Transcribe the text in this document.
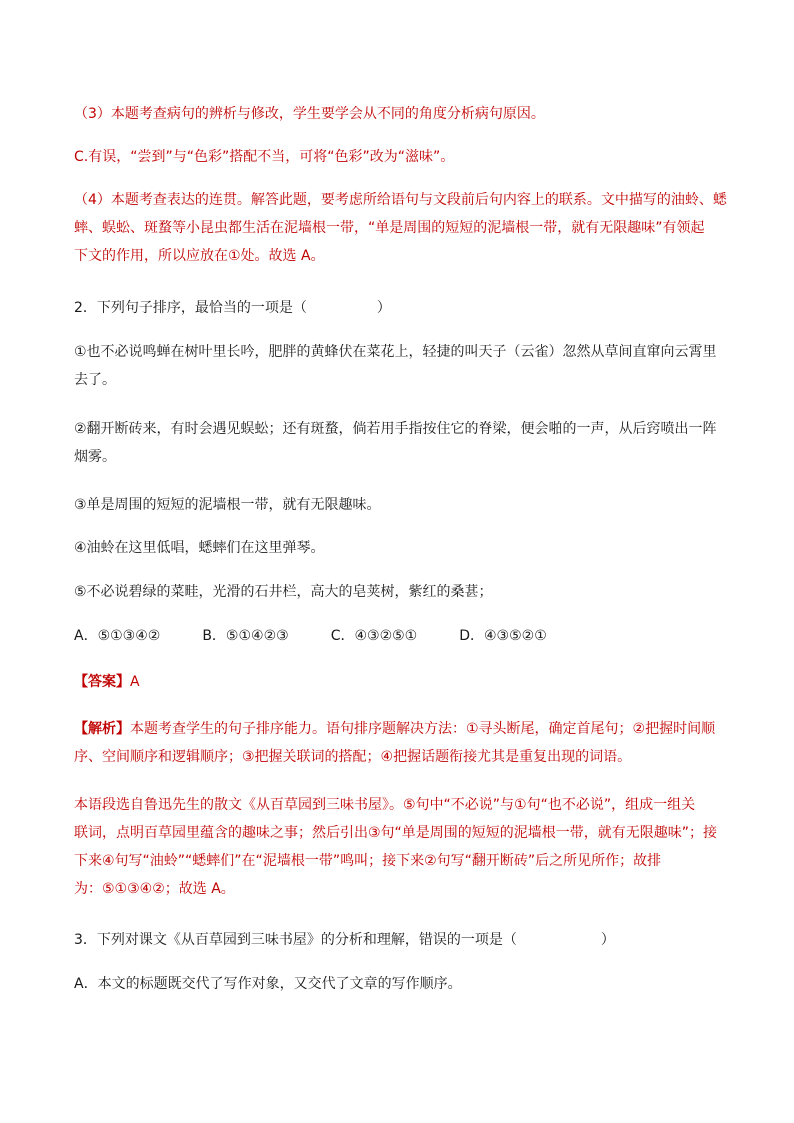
（3）本题考查病句的辨析与修改，学生要学会从不同的角度分析病句原因。
C.有误，“尝到”与“色彩”搭配不当，可将“色彩”改为“滋味”。
（4）本题考查表达的连贯。解答此题，要考虑所给语句与文段前后句内容上的联系。文中描写的油蛉、蟋
蟀、蜈蚣、斑蝥等小昆虫都生活在泥墙根一带，“单是周围的短短的泥墙根一带，就有无限趣味”有领起
下文的作用，所以应放在①处。故选 A。
2．下列句子排序，最恰当的一项是（　　　　　）
①也不必说鸣蝉在树叶里长吟，肥胖的黄蜂伏在菜花上，轻捷的叫天子（云雀）忽然从草间直窜向云霄里
去了。
②翻开断砖来，有时会遇见蜈蚣；还有斑蝥，倘若用手指按住它的脊梁，便会啪的一声，从后窍喷出一阵
烟雾。
③单是周围的短短的泥墙根一带，就有无限趣味。
④油蛉在这里低唱，蟋蟀们在这里弹琴。
⑤不必说碧绿的菜畦，光滑的石井栏，高大的皂荚树，紫红的桑葚；
A．⑤①③④②　　　B．⑤①④②③　　　C．④③②⑤①　　　D．④③⑤②①
【答案】A
【解析】本题考查学生的句子排序能力。语句排序题解决方法：①寻头断尾，确定首尾句；②把握时间顺
序、空间顺序和逻辑顺序；③把握关联词的搭配；④把握话题衔接尤其是重复出现的词语。
本语段选自鲁迅先生的散文《从百草园到三味书屋》。⑤句中“不必说”与①句“也不必说”，组成一组关
联词，点明百草园里蕴含的趣味之事；然后引出③句“单是周围的短短的泥墙根一带，就有无限趣味”；接
下来④句写“油蛉”“蟋蟀们”在“泥墙根一带”鸣叫；接下来②句写“翻开断砖”后之所见所作；故排
为：⑤①③④②；故选 A。
3．下列对课文《从百草园到三味书屋》的分析和理解，错误的一项是（　　　　　　）
A．本文的标题既交代了写作对象，又交代了文章的写作顺序。
